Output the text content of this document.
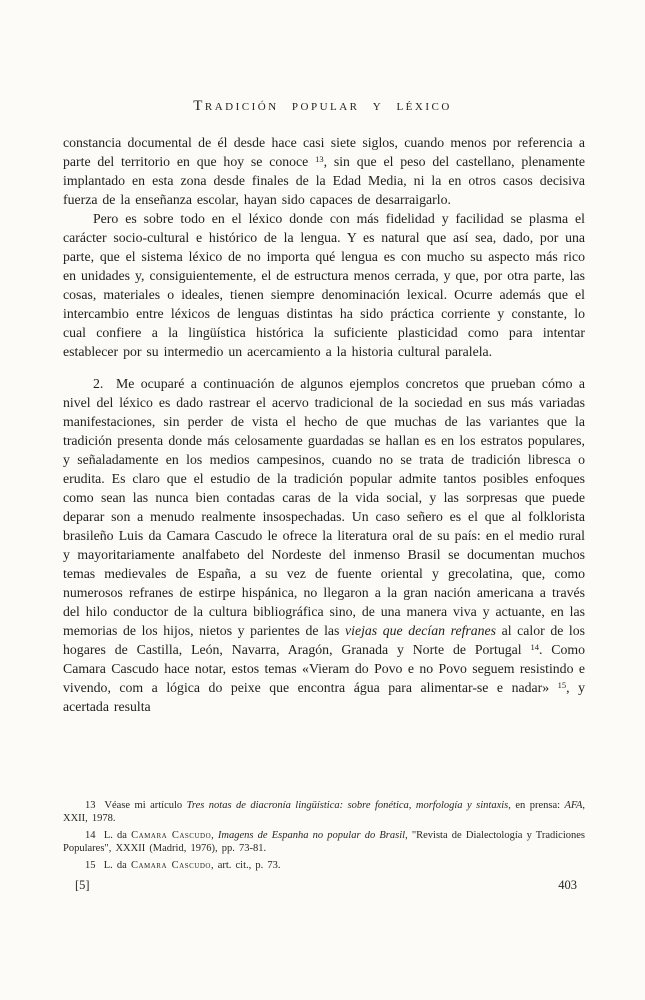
Tradición popular y léxico

constancia documental de él desde hace casi siete siglos, cuando menos por referencia a parte del territorio en que hoy se conoce $^{13}$, sin que el peso del castellano, plenamente implantado en esta zona desde finales de la Edad Media, ni la en otros casos decisiva fuerza de la enseñanza escolar, hayan sido capaces de desarraigarlo.

Pero es sobre todo en el léxico donde con más fidelidad y facilidad se plasma el carácter socio-cultural e histórico de la lengua. Y es natural que así sea, dado, por una parte, que el sistema léxico de no importa qué lengua es con mucho su aspecto más rico en unidades y, consiguientemente, el de estructura menos cerrada, y que, por otra parte, las cosas, materiales o ideales, tienen siempre denominación lexical. Ocurre además que el intercambio entre léxicos de lenguas distintas ha sido práctica corriente y constante, lo cual confiere a la lingüística histórica la suficiente plasticidad como para intentar establecer por su intermedio un acercamiento a la historia cultural paralela.

2.  Me ocuparé a continuación de algunos ejemplos concretos que prueban cómo a nivel del léxico es dado rastrear el acervo tradicional de la sociedad en sus más variadas manifestaciones, sin perder de vista el hecho de que muchas de las variantes que la tradición presenta donde más celosamente guardadas se hallan es en los estratos populares, y señaladamente en los medios campesinos, cuando no se trata de tradición libresca o erudita. Es claro que el estudio de la tradición popular admite tantos posibles enfoques como sean las nunca bien contadas caras de la vida social, y las sorpresas que puede deparar son a menudo realmente insospechadas. Un caso señero es el que al folklorista brasileño Luis da Camara Cascudo le ofrece la literatura oral de su país: en el medio rural y mayoritariamente analfabeto del Nordeste del inmenso Brasil se documentan muchos temas medievales de España, a su vez de fuente oriental y grecolatina, que, como numerosos refranes de estirpe hispánica, no llegaron a la gran nación americana a través del hilo conductor de la cultura bibliográfica sino, de una manera viva y actuante, en las memorias de los hijos, nietos y parientes de las viejas que decían refranes al calor de los hogares de Castilla, León, Navarra, Aragón, Granada y Norte de Portugal $^{14}$. Como Camara Cascudo hace notar, estos temas «Vieram do Povo e no Povo seguem resistindo e vivendo, com a lógica do peixe que encontra água para alimentar-se e nadar» $^{15}$, y acertada resulta

13  Véase mi artículo Tres notas de diacronía lingüística: sobre fonética, morfología y sintaxis, en prensa: AFA, XXII, 1978.

14  L. da Camara Cascudo, Imagens de Espanha no popular do Brasil, "Revista de Dialectología y Tradiciones Populares", XXXII (Madrid, 1976), pp. 73-81.

15  L. da Camara Cascudo, art. cit., p. 73.

[5]	403
